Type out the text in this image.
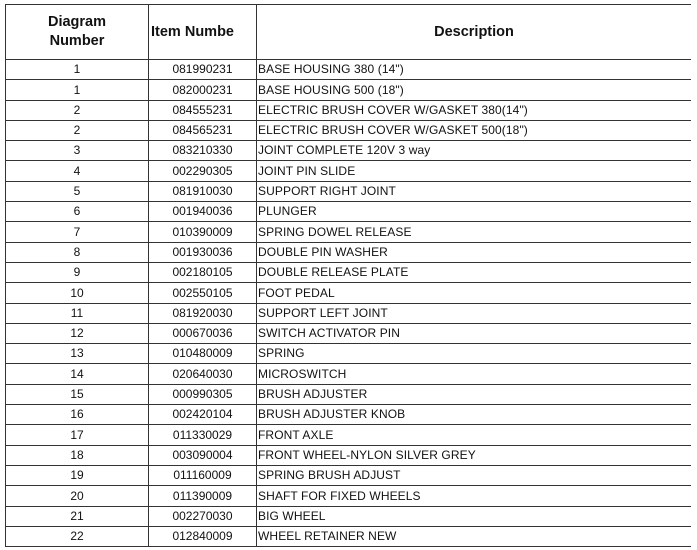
Diagram
Number	Item Numbe	Description
1	081990231	BASE HOUSING 380 (14")
1	082000231	BASE HOUSING 500 (18")
2	084555231	ELECTRIC BRUSH COVER W/GASKET 380(14")
2	084565231	ELECTRIC BRUSH COVER W/GASKET 500(18")
3	083210330	JOINT COMPLETE 120V 3 way
4	002290305	JOINT PIN SLIDE
5	081910030	SUPPORT RIGHT JOINT
6	001940036	PLUNGER
7	010390009	SPRING DOWEL RELEASE
8	001930036	DOUBLE PIN WASHER
9	002180105	DOUBLE RELEASE PLATE
10	002550105	FOOT PEDAL
11	081920030	SUPPORT LEFT JOINT
12	000670036	SWITCH ACTIVATOR PIN
13	010480009	SPRING
14	020640030	MICROSWITCH
15	000990305	BRUSH ADJUSTER
16	002420104	BRUSH ADJUSTER KNOB
17	011330029	FRONT AXLE
18	003090004	FRONT WHEEL-NYLON SILVER GREY
19	011160009	SPRING BRUSH ADJUST
20	011390009	SHAFT FOR FIXED WHEELS
21	002270030	BIG WHEEL
22	012840009	WHEEL RETAINER NEW
